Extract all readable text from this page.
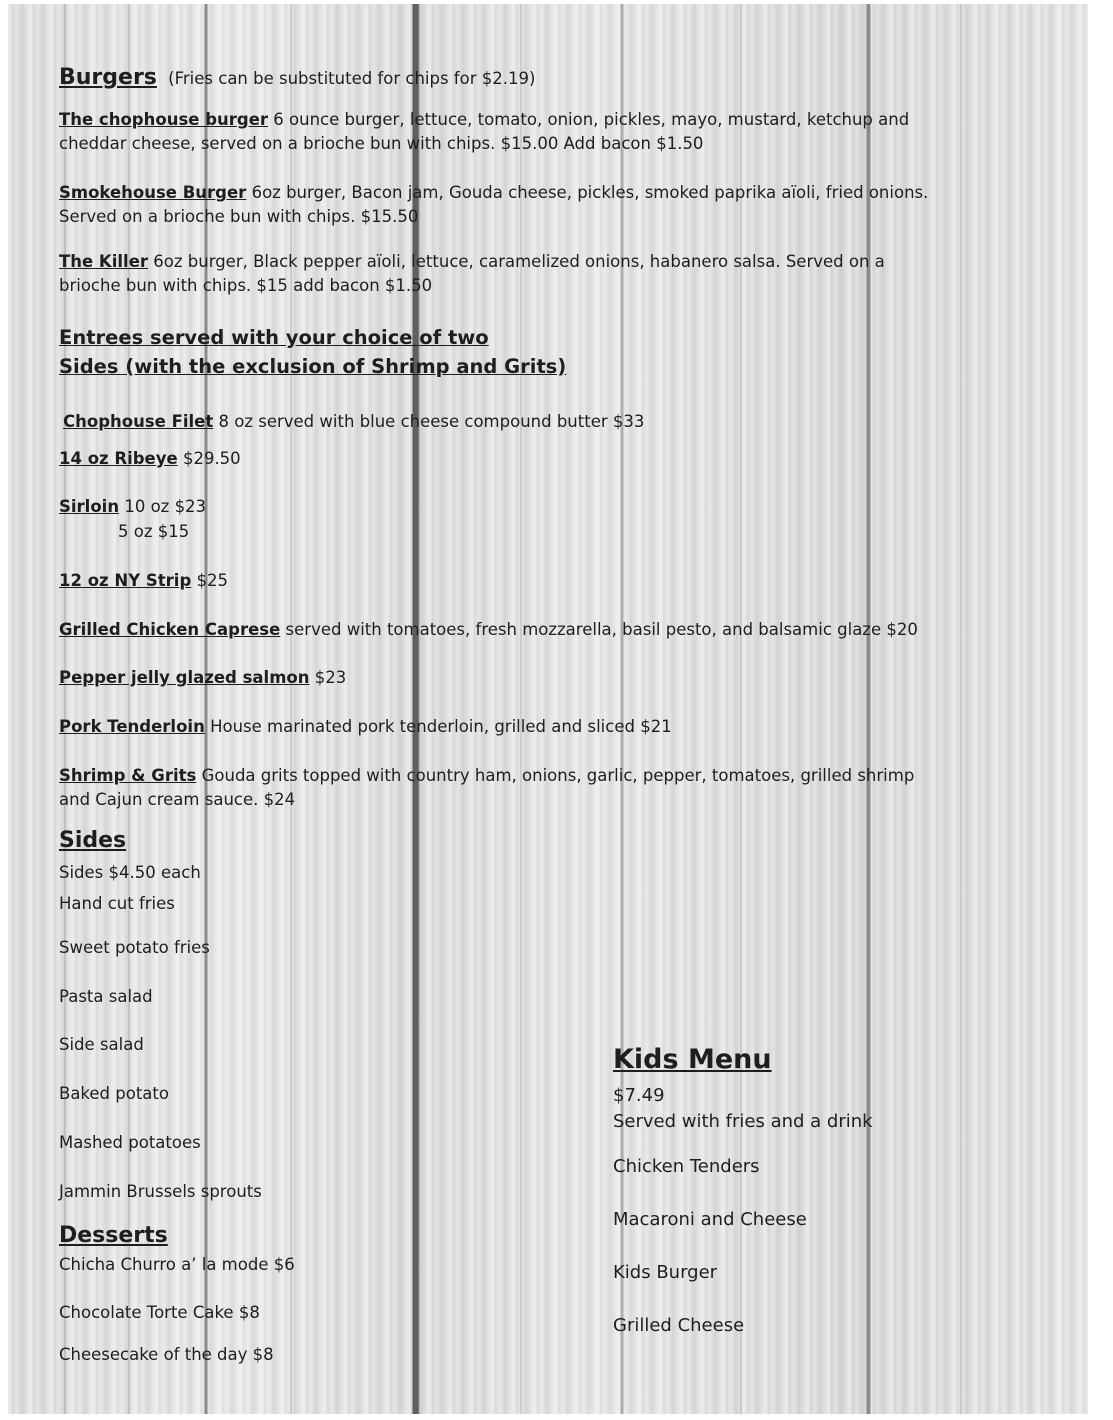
Burgers (Fries can be substituted for chips for $2.19)
The chophouse burger 6 ounce burger, lettuce, tomato, onion, pickles, mayo, mustard, ketchup and
cheddar cheese, served on a brioche bun with chips. $15.00 Add bacon $1.50
Smokehouse Burger 6oz burger, Bacon jam, Gouda cheese, pickles, smoked paprika aïoli, fried onions.
Served on a brioche bun with chips. $15.50
The Killer 6oz burger, Black pepper aïoli, lettuce, caramelized onions, habanero salsa. Served on a
brioche bun with chips. $15 add bacon $1.50
Entrees served with your choice of two
Sides (with the exclusion of Shrimp and Grits)
Chophouse Filet 8 oz served with blue cheese compound butter $33
14 oz Ribeye $29.50
Sirloin 10 oz $23
5 oz $15
12 oz NY Strip $25
Grilled Chicken Caprese served with tomatoes, fresh mozzarella, basil pesto, and balsamic glaze $20
Pepper jelly glazed salmon $23
Pork Tenderloin House marinated pork tenderloin, grilled and sliced $21
Shrimp & Grits Gouda grits topped with country ham, onions, garlic, pepper, tomatoes, grilled shrimp
and Cajun cream sauce. $24
Sides
Sides $4.50 each
Hand cut fries
Sweet potato fries
Pasta salad
Side salad
Baked potato
Mashed potatoes
Jammin Brussels sprouts
Desserts
Chicha Churro a’ la mode $6
Chocolate Torte Cake $8
Cheesecake of the day $8
Kids Menu
$7.49
Served with fries and a drink
Chicken Tenders
Macaroni and Cheese
Kids Burger
Grilled Cheese
